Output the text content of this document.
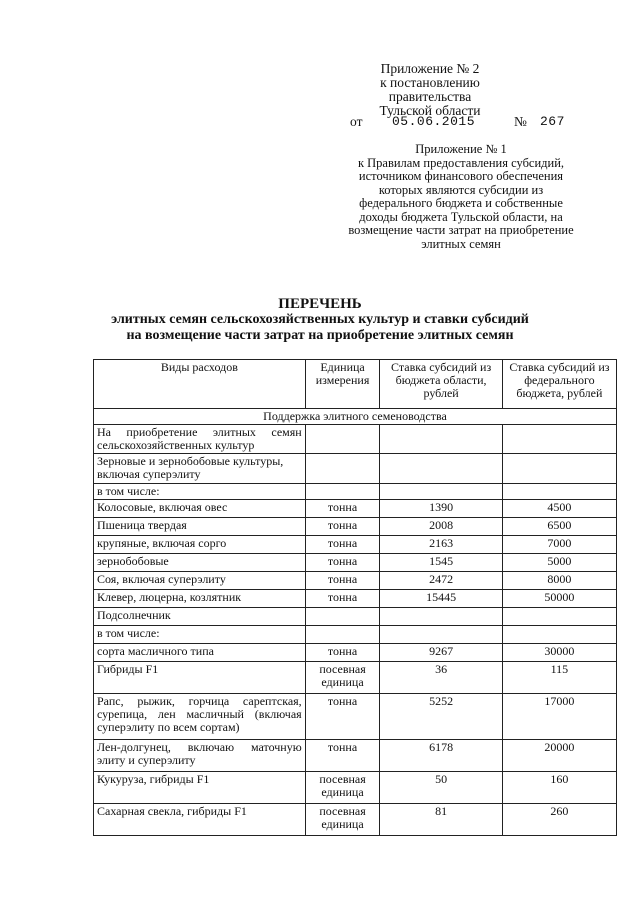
Приложение № 2
к постановлению правительства
Тульской области
от 05.06.2015	№ 267
Приложение № 1
к Правилам предоставления субсидий,
источником финансового обеспечения
которых являются субсидии из
федерального бюджета и собственные
доходы бюджета Тульской области, на
возмещение части затрат на приобретение
элитных семян
ПЕРЕЧЕНЬ
элитных семян сельскохозяйственных культур и ставки субсидий
на возмещение части затрат на приобретение элитных семян
Виды расходов	Единица измерения	Ставка субсидий из бюджета области, рублей	Ставка субсидий из федерального бюджета, рублей
Поддержка элитного семеноводства			
На приобретение элитных семян сельскохозяйственных культур			
Зерновые и зернобобовые культуры, включая суперэлиту			
в том числе:			
Колосовые, включая овес	тонна	1390	4500
Пшеница твердая	тонна	2008	6500
крупяные, включая сорго	тонна	2163	7000
зернобобовые	тонна	1545	5000
Соя, включая суперэлиту	тонна	2472	8000
Клевер, люцерна, козлятник	тонна	15445	50000
Подсолнечник			
в том числе:			
сорта масличного типа	тонна	9267	30000
Гибриды F1	посевная единица	36	115
Рапс, рыжик, горчица сарептская, сурепица, лен масличный (включая суперэлиту по всем сортам)	тонна	5252	17000
Лен-долгунец, включаю маточную элиту и суперэлиту	тонна	6178	20000
Кукуруза, гибриды F1	посевная единица	50	160
Сахарная свекла, гибриды F1	посевная единица	81	260
